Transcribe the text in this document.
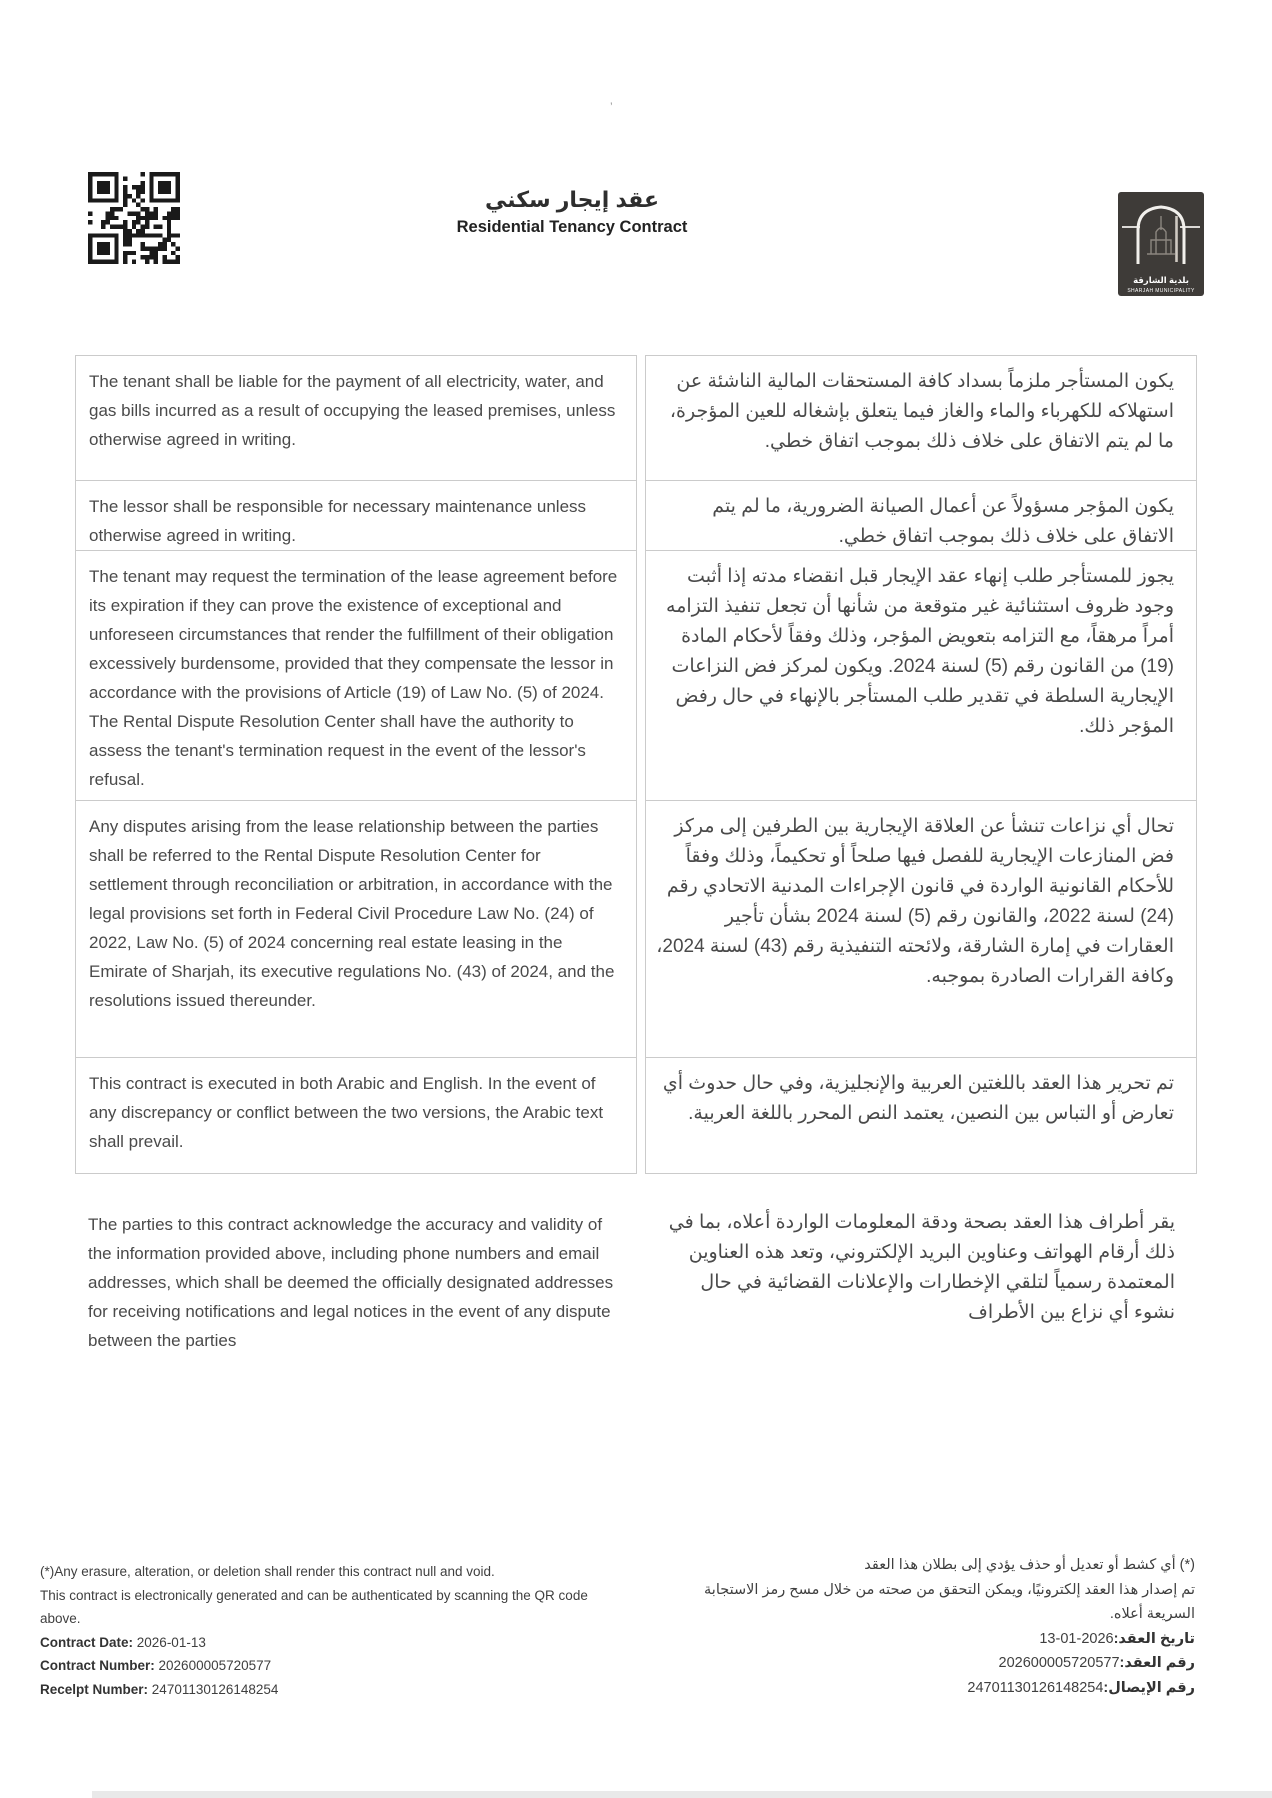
عقد إيجار سكني
Residential Tenancy Contract
بلدية الشارقة
SHARJAH MUNICIPALITY
’
The tenant shall be liable for the payment of all electricity, water, and gas bills incurred as a result of occupying the leased premises, unless otherwise agreed in writing.
The lessor shall be responsible for necessary maintenance unless otherwise agreed in writing.
The tenant may request the termination of the lease agreement before its expiration if they can prove the existence of exceptional and unforeseen circumstances that render the fulfillment of their obligation excessively burdensome, provided that they compensate the lessor in accordance with the provisions of Article (19) of Law No. (5) of 2024. The Rental Dispute Resolution Center shall have the authority to assess the tenant's termination request in the event of the lessor's refusal.
Any disputes arising from the lease relationship between the parties shall be referred to the Rental Dispute Resolution Center for settlement through reconciliation or arbitration, in accordance with the legal provisions set forth in Federal Civil Procedure Law No. (24) of 2022, Law No. (5) of 2024 concerning real estate leasing in the Emirate of Sharjah, its executive regulations No. (43) of 2024, and the resolutions issued thereunder.
This contract is executed in both Arabic and English. In the event of any discrepancy or conflict between the two versions, the Arabic text shall prevail.
يكون المستأجر ملزماً بسداد كافة المستحقات المالية الناشئة عن استهلاكه للكهرباء والماء والغاز فيما يتعلق بإشغاله للعين المؤجرة، ما لم يتم الاتفاق على خلاف ذلك بموجب اتفاق خطي.
يكون المؤجر مسؤولاً عن أعمال الصيانة الضرورية، ما لم يتم الاتفاق على خلاف ذلك بموجب اتفاق خطي.
يجوز للمستأجر طلب إنهاء عقد الإيجار قبل انقضاء مدته إذا أثبت وجود ظروف استثنائية غير متوقعة من شأنها أن تجعل تنفيذ التزامه أمراً مرهقاً، مع التزامه بتعويض المؤجر، وذلك وفقاً لأحكام المادة (19) من القانون رقم (5) لسنة 2024. ويكون لمركز فض النزاعات الإيجارية السلطة في تقدير طلب المستأجر بالإنهاء في حال رفض المؤجر ذلك.
تحال أي نزاعات تنشأ عن العلاقة الإيجارية بين الطرفين إلى مركز فض المنازعات الإيجارية للفصل فيها صلحاً أو تحكيماً، وذلك وفقاً للأحكام القانونية الواردة في قانون الإجراءات المدنية الاتحادي رقم (24) لسنة 2022، والقانون رقم (5) لسنة 2024 بشأن تأجير العقارات في إمارة الشارقة، ولائحته التنفيذية رقم (43) لسنة 2024، وكافة القرارات الصادرة بموجبه.
تم تحرير هذا العقد باللغتين العربية والإنجليزية، وفي حال حدوث أي تعارض أو التباس بين النصين، يعتمد النص المحرر باللغة العربية.
The parties to this contract acknowledge the accuracy and validity of the information provided above, including phone numbers and email addresses, which shall be deemed the officially designated addresses for receiving notifications and legal notices in the event of any dispute between the parties
يقر أطراف هذا العقد بصحة ودقة المعلومات الواردة أعلاه، بما في ذلك أرقام الهواتف وعناوين البريد الإلكتروني، وتعد هذه العناوين المعتمدة رسمياً لتلقي الإخطارات والإعلانات القضائية في حال نشوء أي نزاع بين الأطراف
(*)Any erasure, alteration, or deletion shall render this contract null and void.
This contract is electronically generated and can be authenticated by scanning the QR code above.
Contract Date: 2026-01-13
Contract Number: 202600005720577
Recelpt Number: 24701130126148254
(*) أي كشط أو تعديل أو حذف يؤدي إلى بطلان هذا العقد
تم إصدار هذا العقد إلكترونيًا، ويمكن التحقق من صحته من خلال مسح رمز الاستجابة السريعة أعلاه.
تاريخ العقد:2026-01-13
رقم العقد:202600005720577
رقم الإيصال:24701130126148254
